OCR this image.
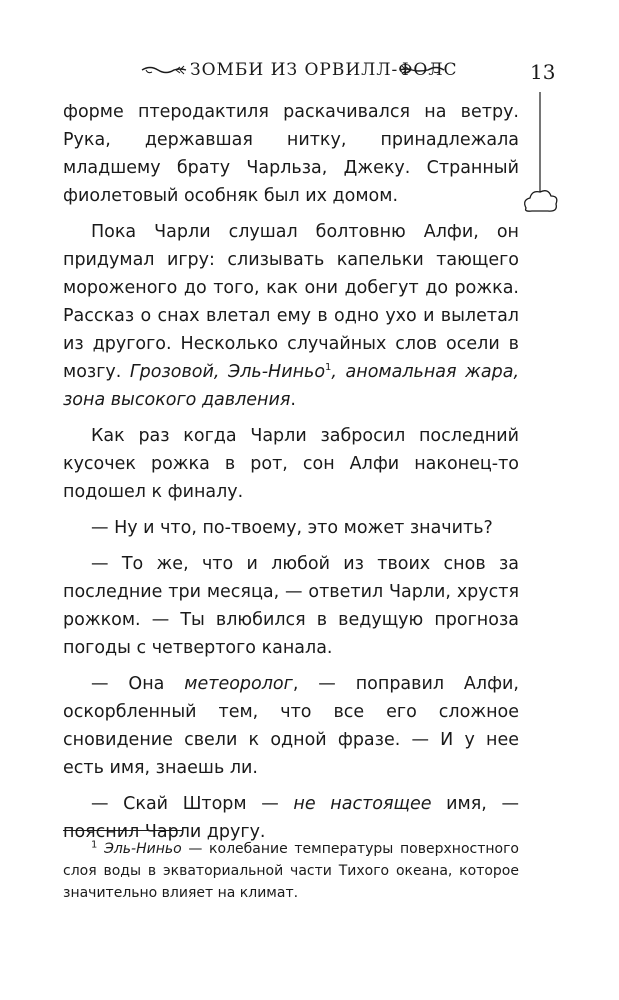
ЗОМБИ ИЗ ОРВИЛЛ-ФОЛС	13

форме птеродактиля раскачивался на ветру. Рука, державшая нитку, принадлежала младшему брату Чарльза, Джеку. Странный фиолетовый особняк был их домом.

Пока Чарли слушал болтовню Алфи, он придумал игру: слизывать капельки тающего мороженого до того, как они добегут до рожка. Рассказ о снах влетал ему в одно ухо и вылетал из другого. Несколько случайных слов осели в мозгу. Грозовой, Эль-Ниньо$^1$, аномальная жара, зона высокого давления.

Как раз когда Чарли забросил последний кусочек рожка в рот, сон Алфи наконец-то подошел к финалу.

— Ну и что, по-твоему, это может значить?

— То же, что и любой из твоих снов за последние три месяца, — ответил Чарли, хрустя рожком. — Ты влюбился в ведущую прогноза погоды с четвертого канала.

— Она метеоролог, — поправил Алфи, оскорбленный тем, что все его сложное сновидение свели к одной фразе. — И у нее есть имя, знаешь ли.

— Скай Шторм — не настоящее имя, — пояснил Чарли другу.

$^1$ Эль-Ниньо — колебание температуры поверхностного слоя воды в экваториальной части Тихого океана, которое значительно влияет на климат.
